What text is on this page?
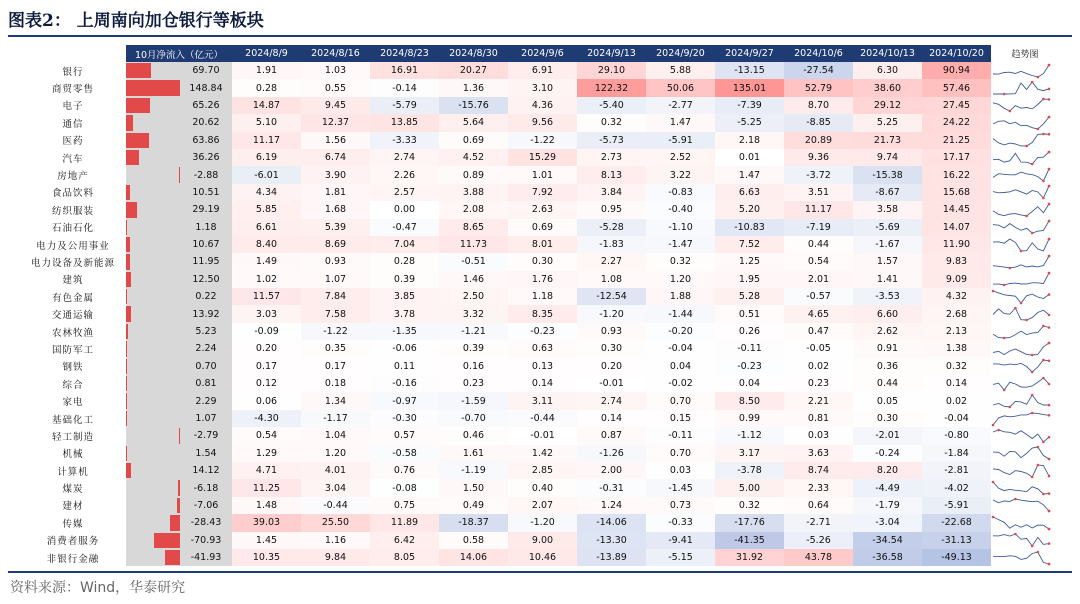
图表2： 上周南向加仓银行等板块
	10月净流入（亿元）		2024/8/9	2024/8/16	2024/8/23	2024/8/30	2024/9/6	2024/9/13	2024/9/20	2024/9/27	2024/10/6	2024/10/13	2024/10/20	趋势图
银行		69.70	1.91	1.03	16.91	20.27	6.91	29.10	5.88	-13.15	-27.54	6.30	90.94	

商贸零售		148.84	0.28	0.55	-0.14	1.36	3.10	122.32	50.06	135.01	52.79	38.60	57.46	

电子		65.26	14.87	9.45	-5.79	-15.76	4.36	-5.40	-2.77	-7.39	8.70	29.12	27.45	

通信		20.62	5.10	12.37	13.85	5.64	9.56	0.32	1.47	-5.25	-8.85	5.25	24.22	

医药		63.86	11.17	1.56	-3.33	0.69	-1.22	-5.73	-5.91	2.18	20.89	21.73	21.25	

汽车		36.26	6.19	6.74	2.74	4.52	15.29	2.73	2.52	0.01	9.36	9.74	17.17	

房地产		-2.88	-6.01	3.90	2.26	0.89	1.01	8.13	3.22	1.47	-3.72	-15.38	16.22	

食品饮料		10.51	4.34	1.81	2.57	3.88	7.92	3.84	-0.83	6.63	3.51	-8.67	15.68	

纺织服装		29.19	5.85	1.68	0.00	2.08	2.63	0.95	-0.40	5.20	11.17	3.58	14.45	

石油石化		1.18	6.61	5.39	-0.47	8.65	0.69	-5.28	-1.10	-10.83	-7.19	-5.69	14.07	

电力及公用事业		10.67	8.40	8.69	7.04	11.73	8.01	-1.83	-1.47	7.52	0.44	-1.67	11.90	

电力设备及新能源		11.95	1.49	0.93	0.28	-0.51	0.30	2.27	0.32	1.25	0.54	1.57	9.83	

建筑		12.50	1.02	1.07	0.39	1.46	1.76	1.08	1.20	1.95	2.01	1.41	9.09	

有色金属		0.22	11.57	7.84	3.85	2.50	1.18	-12.54	1.88	5.28	-0.57	-3.53	4.32	

交通运输		13.92	3.03	7.58	3.78	3.32	8.35	-1.20	-1.44	0.51	4.65	6.60	2.68	

农林牧渔		5.23	-0.09	-1.22	-1.35	-1.21	-0.23	0.93	-0.20	0.26	0.47	2.62	2.13	

国防军工		2.24	0.20	0.35	-0.06	0.39	0.63	0.30	-0.04	-0.11	-0.05	0.91	1.38	

钢铁		0.70	0.17	0.17	0.11	0.16	0.13	0.20	0.04	-0.23	0.02	0.36	0.32	

综合		0.81	0.12	0.18	-0.16	0.23	0.14	-0.01	-0.02	0.04	0.23	0.44	0.14	

家电		2.29	0.06	1.34	-0.97	-1.59	3.11	2.74	0.70	8.50	2.21	0.05	0.02	

基础化工		1.07	-4.30	-1.17	-0.30	-0.70	-0.44	0.14	0.15	0.99	0.81	0.30	-0.04	

轻工制造		-2.79	0.54	1.04	0.57	0.46	-0.01	0.87	-0.11	-1.12	0.03	-2.01	-0.80	

机械		1.54	1.29	1.20	-0.58	1.61	1.42	-1.26	0.70	3.17	3.63	-0.24	-1.84	

计算机		14.12	4.71	4.01	0.76	-1.19	2.85	2.00	0.03	-3.78	8.74	8.20	-2.81	

煤炭		-6.18	11.25	3.04	-0.08	1.50	0.40	-0.31	-1.45	5.00	2.33	-4.49	-4.02	

建材		-7.06	1.48	-0.44	0.75	0.49	2.07	1.24	0.73	0.32	0.64	-1.79	-5.91	

传媒		-28.43	39.03	25.50	11.89	-18.37	-1.20	-14.06	-0.33	-17.76	-2.71	-3.04	-22.68	

消费者服务		-70.93	1.45	1.16	6.42	0.58	9.00	-13.30	-9.41	-41.35	-5.26	-34.54	-31.13	

非银行金融		-41.93	10.35	9.84	8.05	14.06	10.46	-13.89	-5.15	31.92	43.78	-36.58	-49.13	
资料来源：Wind，华泰研究
